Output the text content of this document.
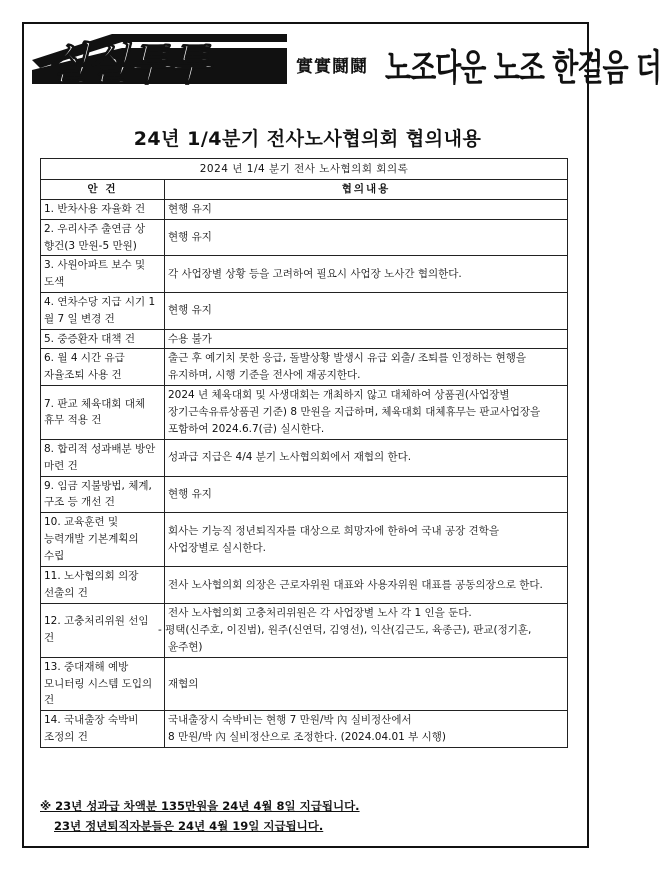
실실투투	實實鬪鬪 노조다운 노조 한걸음 더
24년 1/4분기 전사노사협의회 협의내용
2024 년 1/4 분기 전사 노사협의회 회의록	
안 건	협의내용
1. 반차사용 자율화 건	현행 유지

2. 우리사주 출연금 상 향건(3 만원-5 만원)	현행 유지

3. 사원아파트 보수 및 도색	각 사업장별 상황 등을 고려하여 필요시 사업장 노사간 협의한다.

4. 연차수당 지급 시기 1 월 7 일 변경 건	현행 유지

5. 중증환자 대책 건	수용 불가

6. 월 4 시간 유급 자율조퇴 사용 건	출근 후 예기치 못한 응급, 돌발상황 발생시 유급 외출/ 조퇴를 인정하는 현행을
유지하며, 시행 기준을 전사에 재공지한다.

7. 판교 체육대회 대체 휴무 적용 건	2024 년 체육대회 및 사생대회는 개최하지 않고 대체하여 상품권(사업장별
장기근속유류상품권 기준) 8 만원을 지급하며, 체육대회 대체휴무는 판교사업장을
포함하여 2024.6.7(금) 실시한다.

8. 합리적 성과배분 방안 마련 건	성과급 지급은 4/4 분기 노사협의회에서 재협의 한다.

9. 임금 지불방법, 체계, 구조 등 개선 건	현행 유지

10. 교육훈련 및 능력개발 기본계획의 수립	회사는 기능직 정년퇴직자를 대상으로 희망자에 한하여 국내 공장 견학을
사업장별로 실시한다.

11. 노사협의회 의장 선출의 건	전사 노사협의회 의장은 근로자위원 대표와 사용자위원 대표를 공동의장으로 한다.

12. 고충처리위원 선임 건	전사 노사협의회 고충처리위원은 각 사업장별 노사 각 1 인을 둔다.
- 평택(신주호, 이진범), 원주(신연덕, 김영선), 익산(김근도, 육종근), 판교(정기훈,
윤주현)

13. 중대재해 예방 모니터링 시스템 도입의 건	재협의

14. 국내출장 숙박비 조정의 건	국내출장시 숙박비는 현행 7 만원/박 內 실비정산에서
8 만원/박 內 실비정산으로 조정한다. (2024.04.01 부 시행)
※ 23년 성과급 차액분 135만원을 24년 4월 8일 지급됩니다.
23년 정년퇴직자분들은 24년 4월 19일 지급됩니다.
